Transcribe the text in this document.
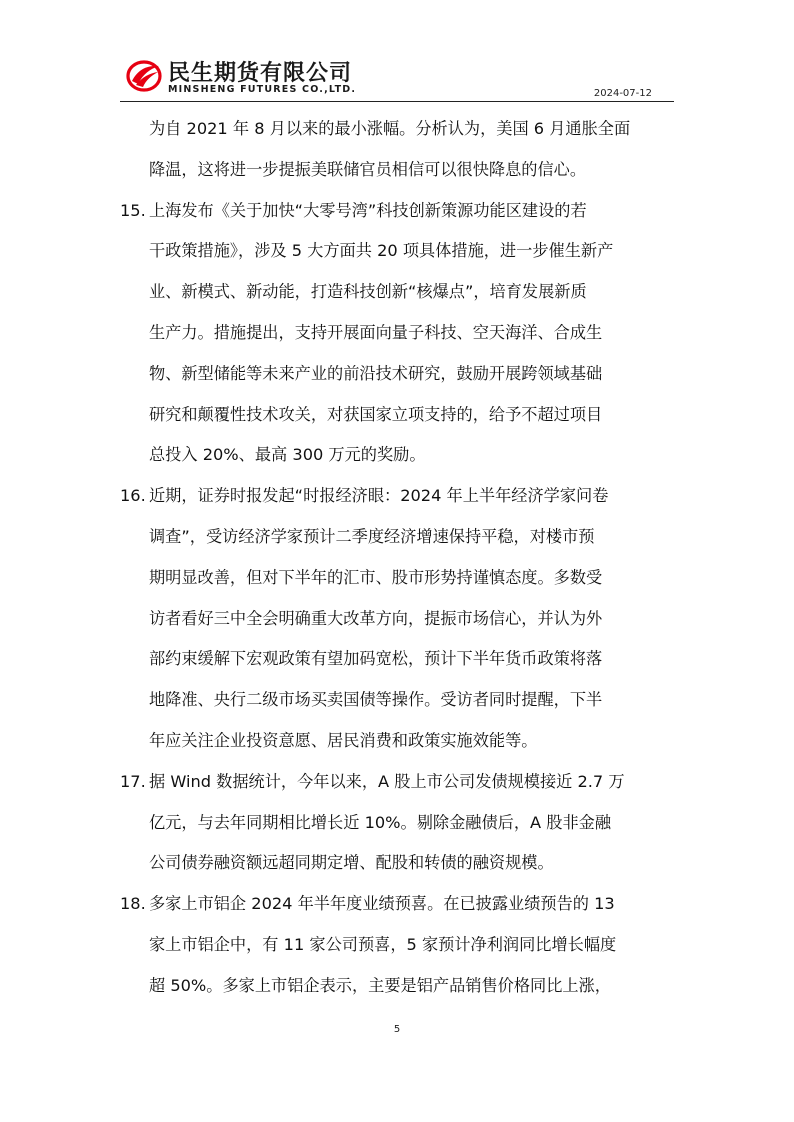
民生期货有限公司
MINSHENG FUTURES CO.,LTD.	2024-07-12
为自 2021 年 8 月以来的最小涨幅。分析认为，美国 6 月通胀全面
降温，这将进一步提振美联储官员相信可以很快降息的信心。
15. 上海发布《关于加快“大零号湾”科技创新策源功能区建设的若
干政策措施》，涉及 5 大方面共 20 项具体措施，进一步催生新产
业、新模式、新动能，打造科技创新“核爆点”，培育发展新质
生产力。措施提出，支持开展面向量子科技、空天海洋、合成生
物、新型储能等未来产业的前沿技术研究，鼓励开展跨领域基础
研究和颠覆性技术攻关，对获国家立项支持的，给予不超过项目
总投入 20%、最高 300 万元的奖励。
16. 近期，证券时报发起“时报经济眼：2024 年上半年经济学家问卷
调查”，受访经济学家预计二季度经济增速保持平稳，对楼市预
期明显改善，但对下半年的汇市、股市形势持谨慎态度。多数受
访者看好三中全会明确重大改革方向，提振市场信心，并认为外
部约束缓解下宏观政策有望加码宽松，预计下半年货币政策将落
地降准、央行二级市场买卖国债等操作。受访者同时提醒，下半
年应关注企业投资意愿、居民消费和政策实施效能等。
17. 据 Wind 数据统计，今年以来，A 股上市公司发债规模接近 2.7 万
亿元，与去年同期相比增长近 10%。剔除金融债后，A 股非金融
公司债券融资额远超同期定增、配股和转债的融资规模。
18. 多家上市铝企 2024 年半年度业绩预喜。在已披露业绩预告的 13
家上市铝企中，有 11 家公司预喜，5 家预计净利润同比增长幅度
超 50%。多家上市铝企表示，主要是铝产品销售价格同比上涨，
5
